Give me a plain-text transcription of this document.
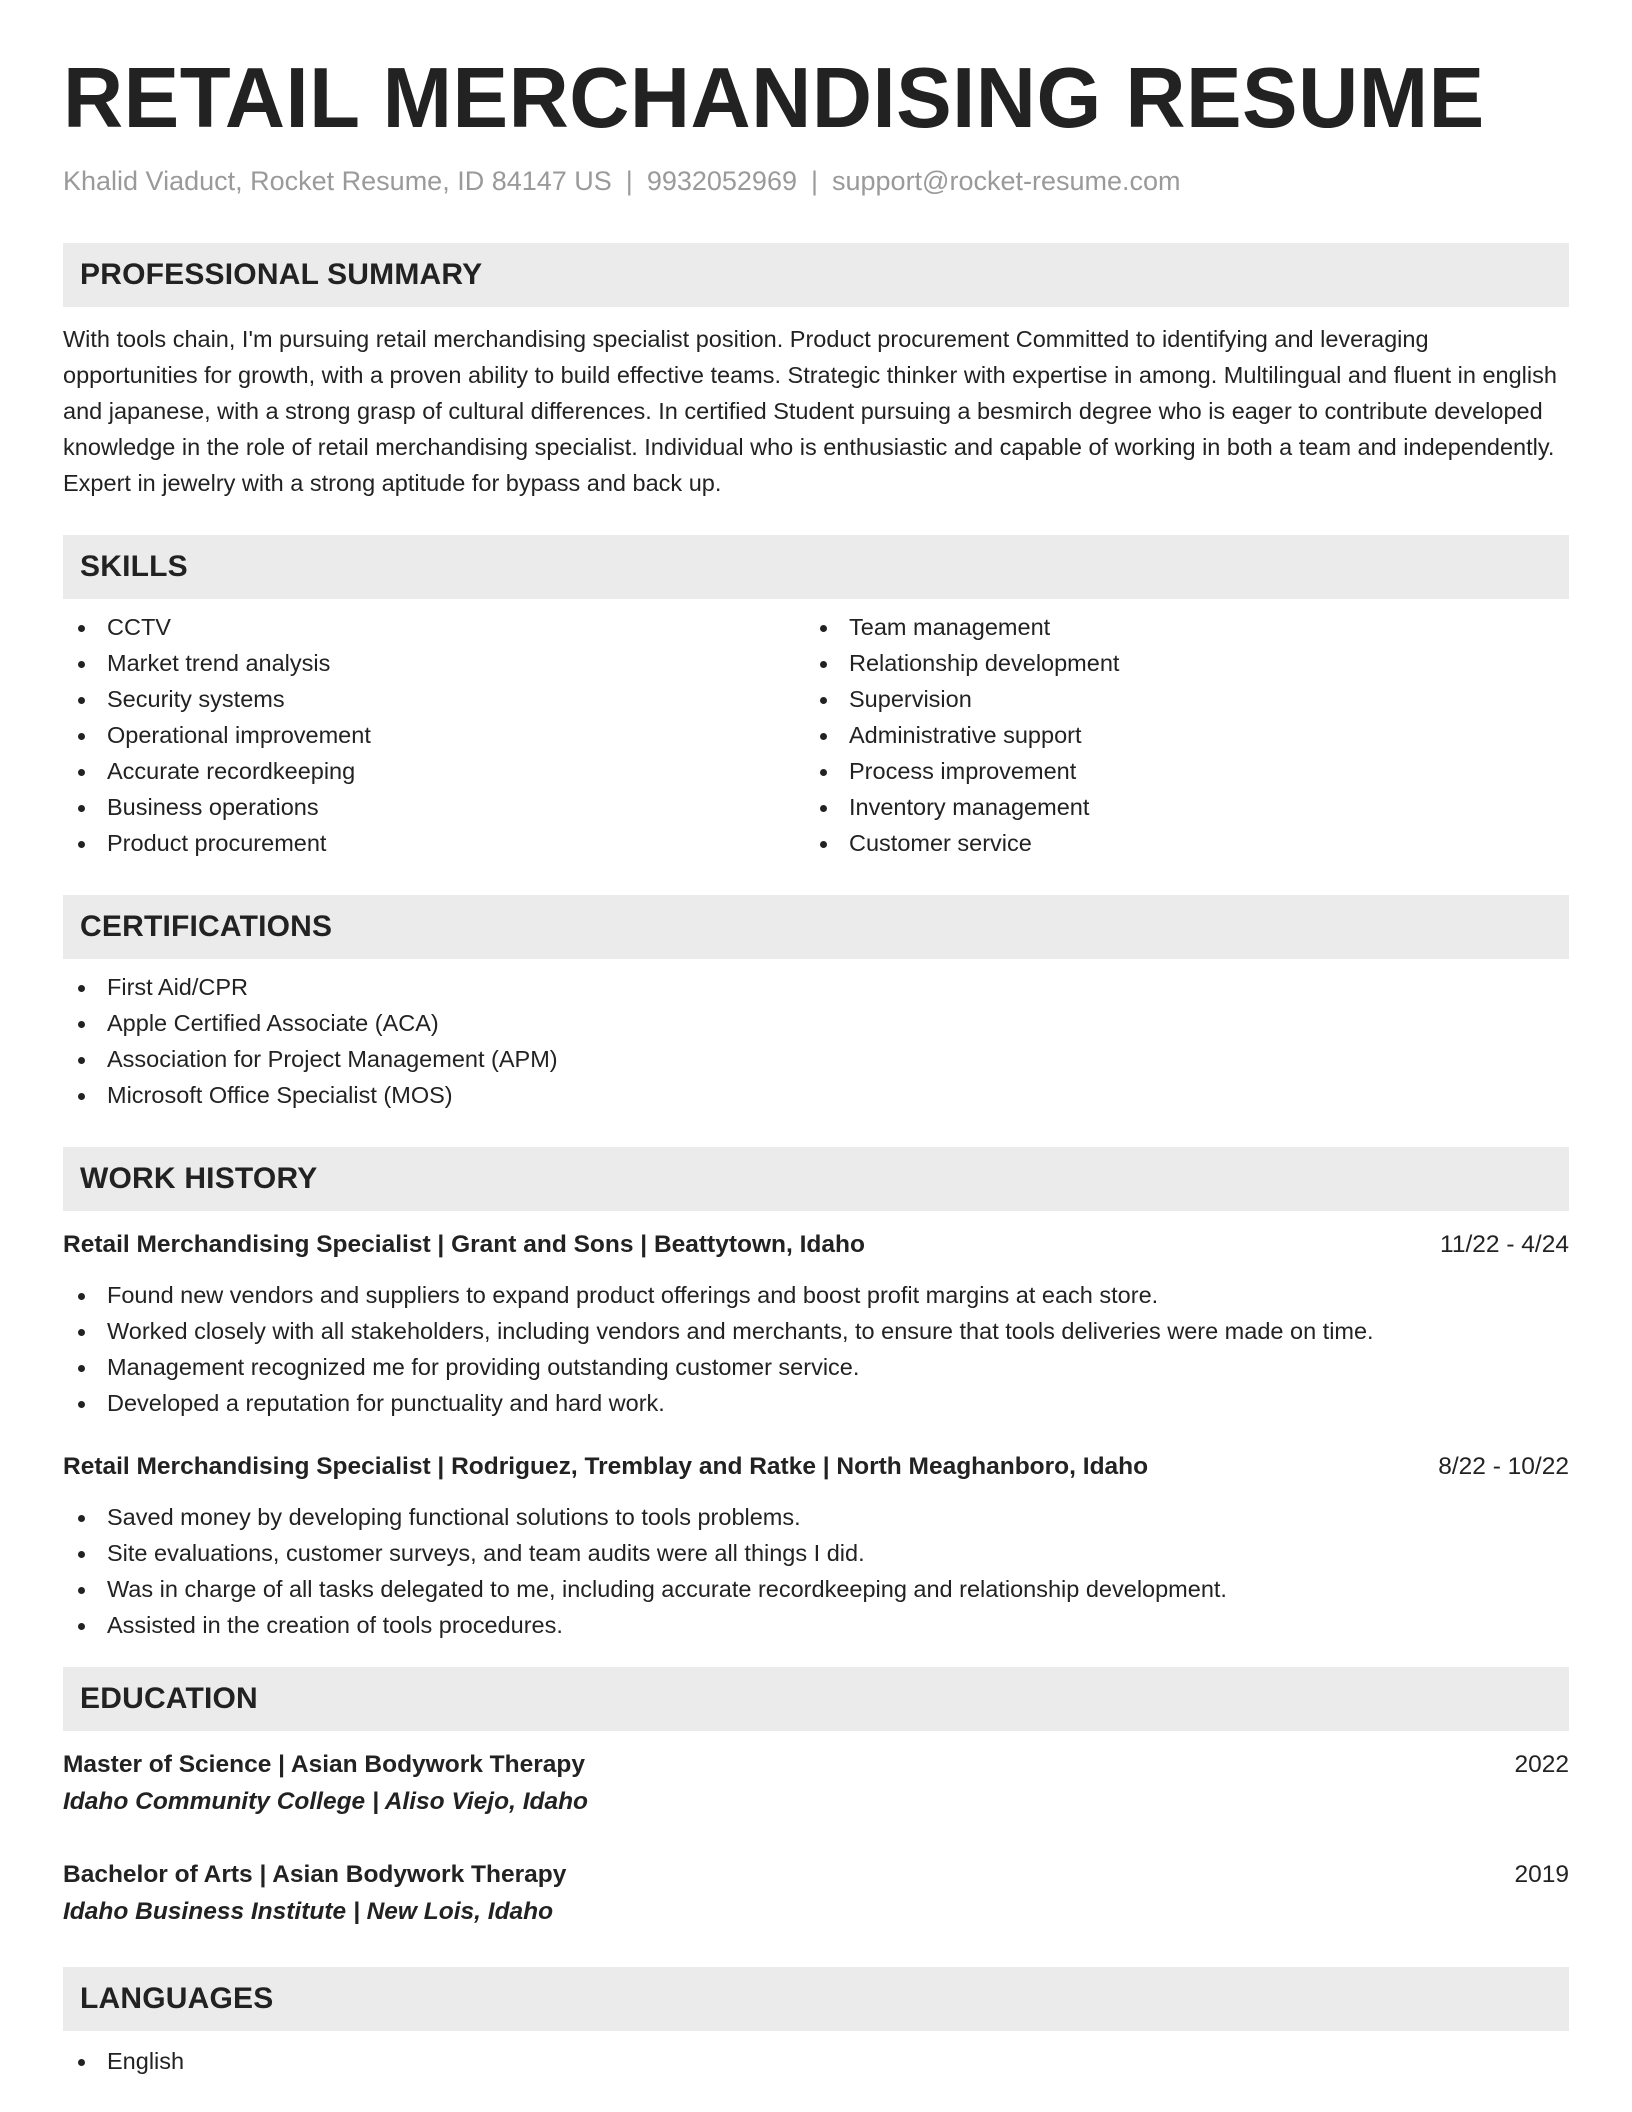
RETAIL MERCHANDISING RESUME
Khalid Viaduct, Rocket Resume, ID 84147 US | 9932052969 | support@rocket-resume.com
PROFESSIONAL SUMMARY

With tools chain, I'm pursuing retail merchandising specialist position. Product procurement Committed to identifying and leveraging opportunities for growth, with a proven ability to build effective teams. Strategic thinker with expertise in among. Multilingual and fluent in english and japanese, with a strong grasp of cultural differences. In certified Student pursuing a besmirch degree who is eager to contribute developed knowledge in the role of retail merchandising specialist. Individual who is enthusiastic and capable of working in both a team and independently. Expert in jewelry with a strong aptitude for bypass and back up.

SKILLS
CCTV
Market trend analysis
Security systems
Operational improvement
Accurate recordkeeping
Business operations
Product procurement
Team management
Relationship development
Supervision
Administrative support
Process improvement
Inventory management
Customer service
CERTIFICATIONS
First Aid/CPR
Apple Certified Associate (ACA)
Association for Project Management (APM)
Microsoft Office Specialist (MOS)
WORK HISTORY
Retail Merchandising Specialist | Grant and Sons | Beattytown, Idaho	11/22 - 4/24
Found new vendors and suppliers to expand product offerings and boost profit margins at each store.
Worked closely with all stakeholders, including vendors and merchants, to ensure that tools deliveries were made on time.
Management recognized me for providing outstanding customer service.
Developed a reputation for punctuality and hard work.
Retail Merchandising Specialist | Rodriguez, Tremblay and Ratke | North Meaghanboro, Idaho	8/22 - 10/22
Saved money by developing functional solutions to tools problems.
Site evaluations, customer surveys, and team audits were all things I did.
Was in charge of all tasks delegated to me, including accurate recordkeeping and relationship development.
Assisted in the creation of tools procedures.
EDUCATION
Master of Science | Asian Bodywork Therapy	2022
Idaho Community College | Aliso Viejo, Idaho
Bachelor of Arts | Asian Bodywork Therapy	2019
Idaho Business Institute | New Lois, Idaho
LANGUAGES
English
